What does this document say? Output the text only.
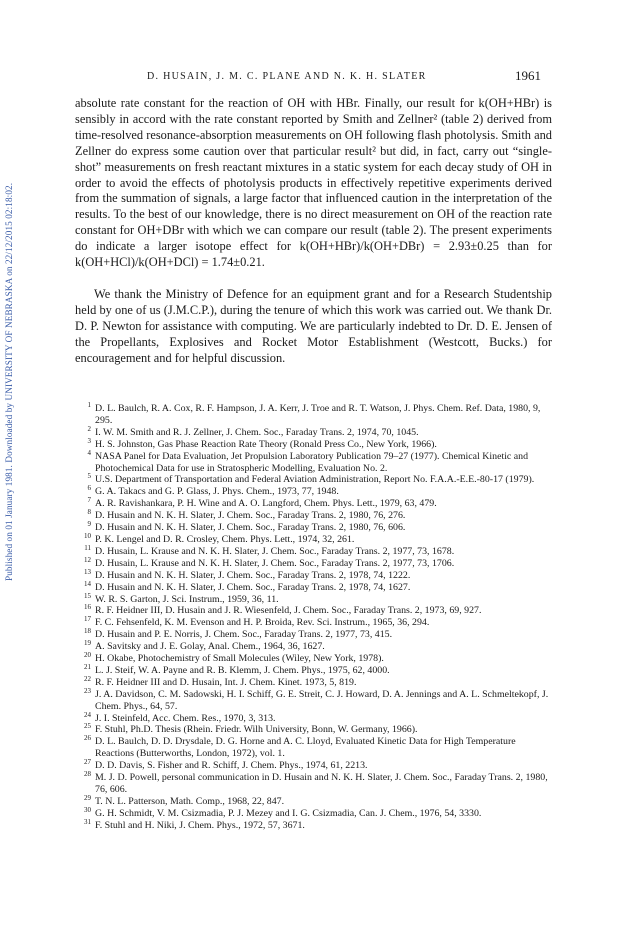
Published on 01 January 1981. Downloaded by UNIVERSITY OF NEBRASKA on 22/12/2015 02:18:02.
D. HUSAIN, J. M. C. PLANE AND N. K. H. SLATER	1961

absolute rate constant for the reaction of OH with HBr. Finally, our result for k(OH+HBr) is sensibly in accord with the rate constant reported by Smith and Zellner² (table 2) derived from time-resolved resonance-absorption measurements on OH following flash photolysis. Smith and Zellner do express some caution over that particular result² but did, in fact, carry out “single-shot” measurements on fresh reactant mixtures in a static system for each decay study of OH in order to avoid the effects of photolysis products in effectively repetitive experiments derived from the summation of signals, a large factor that influenced caution in the interpretation of the results. To the best of our knowledge, there is no direct measurement on OH of the reaction rate constant for OH+DBr with which we can compare our result (table 2). The present experiments do indicate a larger isotope effect for k(OH+HBr)/k(OH+DBr) = 2.93±0.25 than for k(OH+HCl)/k(OH+DCl) = 1.74±0.21.

We thank the Ministry of Defence for an equipment grant and for a Research Studentship held by one of us (J.M.C.P.), during the tenure of which this work was carried out. We thank Dr. D. P. Newton for assistance with computing. We are particularly indebted to Dr. D. E. Jensen of the Propellants, Explosives and Rocket Motor Establishment (Westcott, Bucks.) for encouragement and for helpful discussion.

1 D. L. Baulch, R. A. Cox, R. F. Hampson, J. A. Kerr, J. Troe and R. T. Watson, J. Phys. Chem. Ref. Data, 1980, 9, 295.
2 I. W. M. Smith and R. J. Zellner, J. Chem. Soc., Faraday Trans. 2, 1974, 70, 1045.
3 H. S. Johnston, Gas Phase Reaction Rate Theory (Ronald Press Co., New York, 1966).
4 NASA Panel for Data Evaluation, Jet Propulsion Laboratory Publication 79–27 (1977). Chemical Kinetic and Photochemical Data for use in Stratospheric Modelling, Evaluation No. 2.
5 U.S. Department of Transportation and Federal Aviation Administration, Report No. F.A.A.-E.E.-80-17 (1979).
6 G. A. Takacs and G. P. Glass, J. Phys. Chem., 1973, 77, 1948.
7 A. R. Ravishankara, P. H. Wine and A. O. Langford, Chem. Phys. Lett., 1979, 63, 479.
8 D. Husain and N. K. H. Slater, J. Chem. Soc., Faraday Trans. 2, 1980, 76, 276.
9 D. Husain and N. K. H. Slater, J. Chem. Soc., Faraday Trans. 2, 1980, 76, 606.
10 P. K. Lengel and D. R. Crosley, Chem. Phys. Lett., 1974, 32, 261.
11 D. Husain, L. Krause and N. K. H. Slater, J. Chem. Soc., Faraday Trans. 2, 1977, 73, 1678.
12 D. Husain, L. Krause and N. K. H. Slater, J. Chem. Soc., Faraday Trans. 2, 1977, 73, 1706.
13 D. Husain and N. K. H. Slater, J. Chem. Soc., Faraday Trans. 2, 1978, 74, 1222.
14 D. Husain and N. K. H. Slater, J. Chem. Soc., Faraday Trans. 2, 1978, 74, 1627.
15 W. R. S. Garton, J. Sci. Instrum., 1959, 36, 11.
16 R. F. Heidner III, D. Husain and J. R. Wiesenfeld, J. Chem. Soc., Faraday Trans. 2, 1973, 69, 927.
17 F. C. Fehsenfeld, K. M. Evenson and H. P. Broida, Rev. Sci. Instrum., 1965, 36, 294.
18 D. Husain and P. E. Norris, J. Chem. Soc., Faraday Trans. 2, 1977, 73, 415.
19 A. Savitsky and J. E. Golay, Anal. Chem., 1964, 36, 1627.
20 H. Okabe, Photochemistry of Small Molecules (Wiley, New York, 1978).
21 L. J. Steif, W. A. Payne and R. B. Klemm, J. Chem. Phys., 1975, 62, 4000.
22 R. F. Heidner III and D. Husain, Int. J. Chem. Kinet. 1973, 5, 819.
23 J. A. Davidson, C. M. Sadowski, H. I. Schiff, G. E. Streit, C. J. Howard, D. A. Jennings and A. L. Schmeltekopf, J. Chem. Phys., 64, 57.
24 J. I. Steinfeld, Acc. Chem. Res., 1970, 3, 313.
25 F. Stuhl, Ph.D. Thesis (Rhein. Friedr. Wilh University, Bonn, W. Germany, 1966).
26 D. L. Baulch, D. D. Drysdale, D. G. Horne and A. C. Lloyd, Evaluated Kinetic Data for High Temperature Reactions (Butterworths, London, 1972), vol. 1.
27 D. D. Davis, S. Fisher and R. Schiff, J. Chem. Phys., 1974, 61, 2213.
28 M. J. D. Powell, personal communication in D. Husain and N. K. H. Slater, J. Chem. Soc., Faraday Trans. 2, 1980, 76, 606.
29 T. N. L. Patterson, Math. Comp., 1968, 22, 847.
30 G. H. Schmidt, V. M. Csizmadia, P. J. Mezey and I. G. Csizmadia, Can. J. Chem., 1976, 54, 3330.
31 F. Stuhl and H. Niki, J. Chem. Phys., 1972, 57, 3671.
